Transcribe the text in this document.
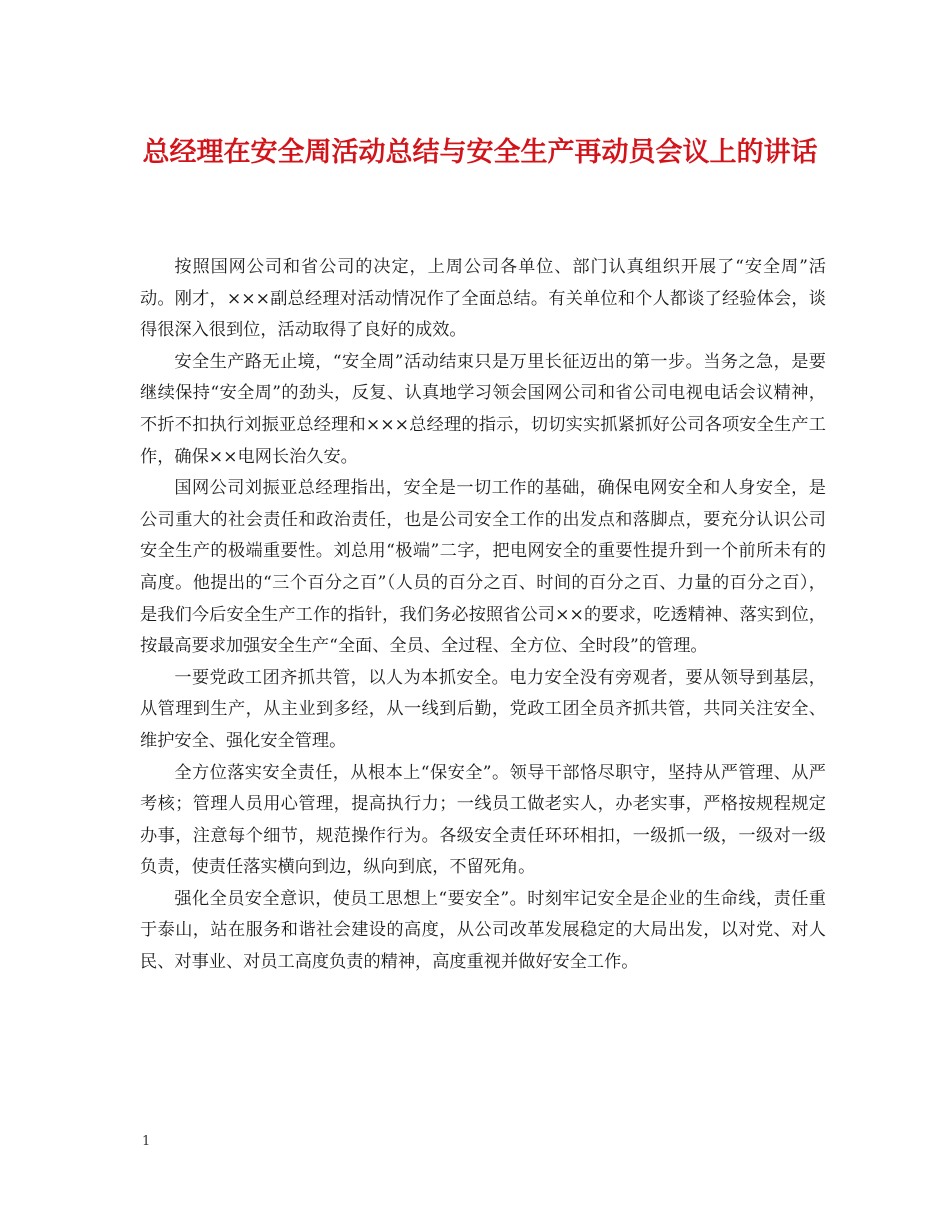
总经理在安全周活动总结与安全生产再动员会议上的讲话

按照国网公司和省公司的决定，上周公司各单位、部门认真组织开展了“安全周”活动。刚才，×××副总经理对活动情况作了全面总结。有关单位和个人都谈了经验体会，谈得很深入很到位，活动取得了良好的成效。

安全生产路无止境，“安全周”活动结束只是万里长征迈出的第一步。当务之急，是要继续保持“安全周”的劲头，反复、认真地学习领会国网公司和省公司电视电话会议精神，不折不扣执行刘振亚总经理和×××总经理的指示，切切实实抓紧抓好公司各项安全生产工作，确保××电网长治久安。

国网公司刘振亚总经理指出，安全是一切工作的基础，确保电网安全和人身安全，是公司重大的社会责任和政治责任，也是公司安全工作的出发点和落脚点，要充分认识公司安全生产的极端重要性。刘总用“极端”二字，把电网安全的重要性提升到一个前所未有的高度。他提出的“三个百分之百”（人员的百分之百、时间的百分之百、力量的百分之百），是我们今后安全生产工作的指针，我们务必按照省公司××的要求，吃透精神、落实到位，按最高要求加强安全生产“全面、全员、全过程、全方位、全时段”的管理。

一要党政工团齐抓共管，以人为本抓安全。电力安全没有旁观者，要从领导到基层，从管理到生产，从主业到多经，从一线到后勤，党政工团全员齐抓共管，共同关注安全、维护安全、强化安全管理。

全方位落实安全责任，从根本上“保安全”。领导干部恪尽职守，坚持从严管理、从严考核；管理人员用心管理，提高执行力；一线员工做老实人，办老实事，严格按规程规定办事，注意每个细节，规范操作行为。各级安全责任环环相扣，一级抓一级，一级对一级负责，使责任落实横向到边，纵向到底，不留死角。

强化全员安全意识，使员工思想上“要安全”。时刻牢记安全是企业的生命线，责任重于泰山，站在服务和谐社会建设的高度，从公司改革发展稳定的大局出发，以对党、对人民、对事业、对员工高度负责的精神，高度重视并做好安全工作。

1
